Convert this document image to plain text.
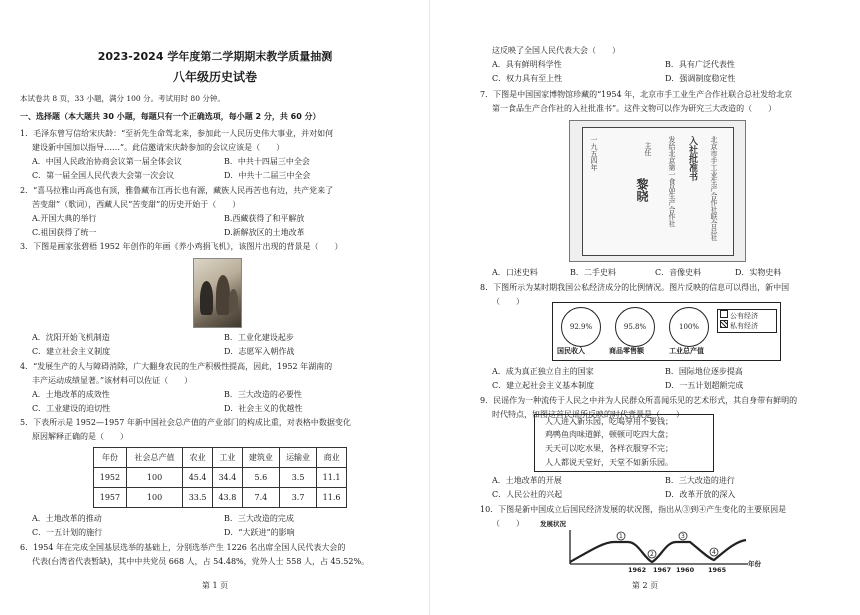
2023-2024 学年度第二学期期末教学质量抽测
八年级历史试卷
本试卷共 8 页，33 小题，满分 100 分。考试用时 80 分钟。
一、选择题（本大题共 30 小题，每题只有一个正确选项，每小题 2 分，共 60 分）
1．毛泽东曾写信给宋庆龄：“至祈先生命驾北来，参加此一人民历史伟大事业，并对如何
建设新中国加以指导……”。此信邀请宋庆龄参加的会议应该是（　　）
A．中国人民政治协商会议第一届全体会议	B．中共十四届三中全会
C．第一届全国人民代表大会第一次会议	D．中共十二届三中全会
2．“喜马拉雅山再高也有顶，雅鲁藏布江再长也有源，藏族人民再苦也有边，共产党来了
苦变甜”（歌词），西藏人民“苦变甜”的历史开始于（　　）
A.开国大典的举行	B.西藏获得了和平解放
C.祖国获得了统一	D.新解放区的土地改革
3．下图是画家张碧梧 1952 年创作的年画《养小鸡捐飞机》，该图片出现的背景是（　　）
A．沈阳开始飞机制造	B．工业化建设起步
C．建立社会主义制度	D．志愿军入朝作战
4．“发展生产的人与障碍消除，广大翻身农民的生产积极性提高，因此，1952 年湖南的
丰产运动成绩显著。”该材料可以佐证（　　）
A．土地改革的成效性	B．三大改造的必要性
C．工业建设的迫切性	D．社会主义的优越性
5．下表所示是 1952—1957 年新中国社会总产值的产业部门的构成比重，对表格中数据变化
原因解释正确的是（　　）
年份	社会总产值	农业	工业	建筑业	运输业	商业
1952	100	45.4	34.4	5.6	3.5	11.1
1957	100	33.5	43.8	7.4	3.7	11.6
A．土地改革的推动	B．三大改造的完成
C．一五计划的施行	D．“大跃进”的影响
6．1954 年在完成全国基层选举的基础上，分别选举产生 1226 名出席全国人民代表大会的
代表(台湾省代表暂缺)，其中中共党员 668 人，占 54.48%，党外人士 558 人，占 45.52%。
第 1 页
这反映了全国人民代表大会（　　）
A．具有鲜明科学性	B．具有广泛代表性
C．权力具有至上性	D．强调制度稳定性
7．下图是中国国家博物馆珍藏的“1954 年，北京市手工业生产合作社联合总社发给北京
第一食品生产合作社的入社批准书”。这件文物可以作为研究三大改造的（　　）
北京市手工业生产合作社联合总社
入社批准书
发给北京第一食品生产合作社
主任
黎晓
一九五四年
A．口述史料	B．二手史料	C．音像史料	D．实物史料
8．下图所示为某时期我国公私经济成分的比例情况。图片反映的信息可以得出，新中国
（　　）
92.9%	95.8%	100%
国民收入	商品零售额	工业总产值
公有经济
私有经济
A．成为真正独立自主的国家	B．国际地位逐步提高
C．建立起社会主义基本制度	D．一五计划超额完成
9．民谣作为一种流传于人民之中并为人民群众所喜闻乐见的艺术形式，其自身带有鲜明的
时代特点，如图这首民谣所反映的时代背景是（　　）
人人进入新乐园，吃喝穿用不要钱；
鸡鸭鱼肉味道鲜，顿顿可吃四大盘；
天天可以吃水果，各样衣服穿不完；
人人都说天堂好，天堂不如新乐园。
A．土地改革的开展	B．三大改造的进行
C．人民公社的兴起	D．改革开放的深入
10．下图是新中国成立后国民经济发展的状况图，指出从③到④产生变化的主要原因是
（　　）
1
2
3
4
1962 1967 1960 1965
发展状况
年份
第 2 页
